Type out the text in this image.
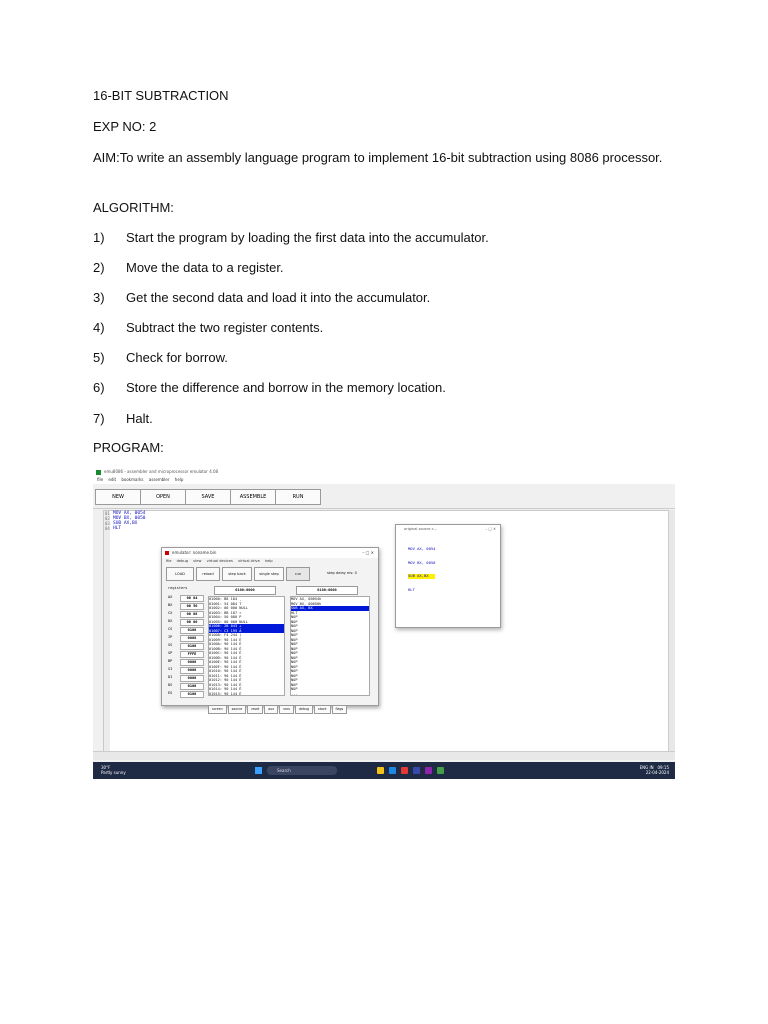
16-BIT SUBTRACTION
EXP NO: 2
AIM:To write an assembly language program to implement 16-bit subtraction using 8086 processor.
ALGORITHM:
1) Start the program by loading the first data into the accumulator.
2) Move the data to a register.
3) Get the second data and load it into the accumulator.
4) Subtract the two register contents.
5) Check for borrow.
6) Store the difference and borrow in the memory location.
7) Halt.
PROGRAM:
emu8086 - assembler and microprocessor emulator 4.08
file edit bookmarks assembler help
NEW	OPEN	SAVE	ASSEMBLE	RUN
01
02
03
04
MOV AX, 0054
MOV BX, 0050
SUB AX,BX
HLT
emulator: noname.bin	– □ ✕
file debug view virtual devices virtual drive help
LOAD	reload	step back	single step	run	step delay ms: 0
0100:0000	0100:0000
registers
AX	00 04
BX	00 50
CX	00 08
DX	00 00
CS	0100
IP	0008
SS	0100
SP	FFFE
BP	0000
SI	0000
DI	0000
DS	0100
ES	0100
01000: B8 184 ¸
01001: 54 084 T
01002: 00 000 NULL
01003: BB 187 »
01004: 50 080 P
01005: 00 000 NULL
01006: 2B 043 +
01007: C3 195 Ã
01008: F4 244 (
01009: 90 144 É
0100A: 90 144 É
0100B: 90 144 É
0100C: 90 144 É
0100D: 90 144 É
0100E: 90 144 É
0100F: 90 144 É
01010: 90 144 É
01011: 90 144 É
01012: 90 144 É
01013: 90 144 É
01014: 90 144 É
01015: 90 144 É
MOV AX, 00054h
MOV BX, 00050h
SUB AX, BX
HLT
NOP
NOP
NOP
NOP
NOP
NOP
NOP
NOP
NOP
NOP
NOP
NOP
NOP
NOP
NOP
NOP
NOP
...
screen	source	reset	aux	vars	debug	stack	flags
original source c...	– □ ✕

MOV AX, 0054

MOV BX, 0050

SUB AX,BX

HLT

30°F
Partly sunny	Search
ENG IN 09:15
22-04-2024
